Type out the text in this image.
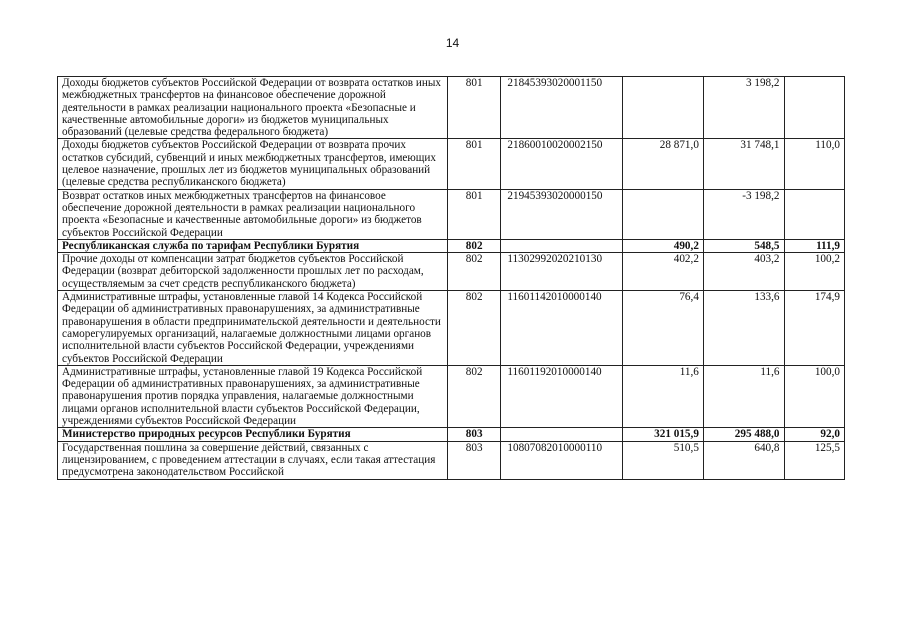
14
Доходы бюджетов субъектов Российской Федерации от возврата остатков иных межбюджетных трансфертов на финансовое обеспечение дорожной деятельности в рамках реализации национального проекта «Безопасные и качественные автомобильные дороги» из бюджетов муниципальных образований (целевые средства федерального бюджета)	801	21845393020001150		3 198,2	
Доходы бюджетов субъектов Российской Федерации от возврата прочих остатков субсидий, субвенций и иных межбюджетных трансфертов, имеющих целевое назначение, прошлых лет из бюджетов муниципальных образований (целевые средства республиканского бюджета)	801	21860010020002150	28 871,0	31 748,1	110,0
Возврат остатков иных межбюджетных трансфертов на финансовое обеспечение дорожной деятельности в рамках реализации национального проекта «Безопасные и качественные автомобильные дороги» из бюджетов субъектов Российской Федерации	801	21945393020000150		-3 198,2	
Республиканская служба по тарифам Республики Бурятия	802		490,2	548,5	111,9
Прочие доходы от компенсации затрат бюджетов субъектов Российской Федерации (возврат дебиторской задолженности прошлых лет по расходам, осуществляемым за счет средств республиканского бюджета)	802	11302992020210130	402,2	403,2	100,2
Административные штрафы, установленные главой 14 Кодекса Российской Федерации об административных правонарушениях, за административные правонарушения в области предпринимательской деятельности и деятельности саморегулируемых организаций, налагаемые должностными лицами органов исполнительной власти субъектов Российской Федерации, учреждениями субъектов Российской Федерации	802	11601142010000140	76,4	133,6	174,9
Административные штрафы, установленные главой 19 Кодекса Российской Федерации об административных правонарушениях, за административные правонарушения против порядка управления, налагаемые должностными лицами органов исполнительной власти субъектов Российской Федерации, учреждениями субъектов Российской Федерации	802	11601192010000140	11,6	11,6	100,0
Министерство природных ресурсов Республики Бурятия	803		321 015,9	295 488,0	92,0
Государственная пошлина за совершение действий, связанных с лицензированием, с проведением аттестации в случаях, если такая аттестация предусмотрена законодательством Российской	803	10807082010000110	510,5	640,8	125,5
